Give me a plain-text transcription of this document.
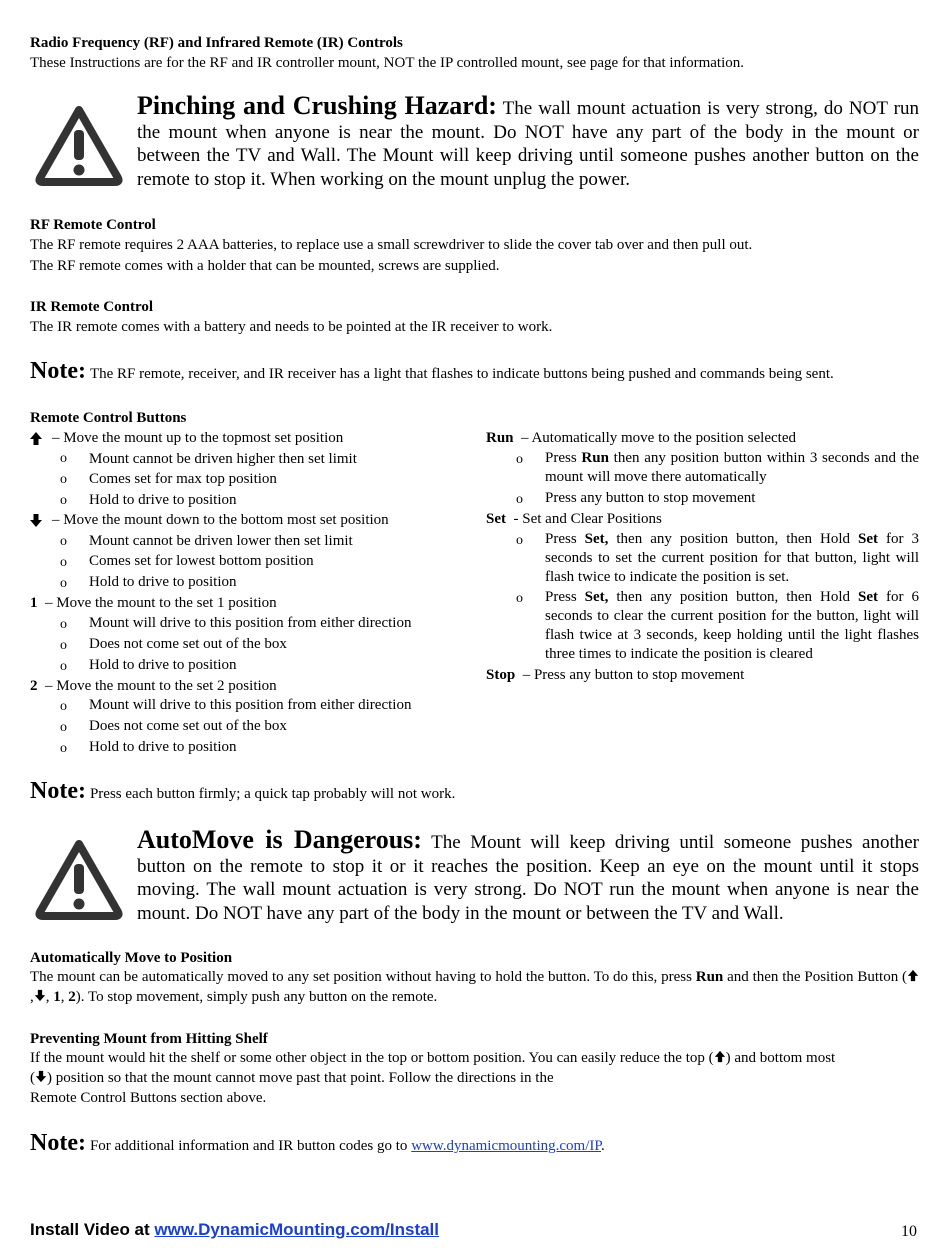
Radio Frequency (RF) and Infrared Remote (IR) Controls
These Instructions are for the RF and IR controller mount, NOT the IP controlled mount, see page for that information.
Pinching and Crushing Hazard: The wall mount actuation is very strong, do NOT run the mount when anyone is near the mount. Do NOT have any part of the body in the mount or between the TV and Wall. The Mount will keep driving until someone pushes another button on the remote to stop it. When working on the mount unplug the power.
RF Remote Control
The RF remote requires 2 AAA batteries, to replace use a small screwdriver to slide the cover tab over and then pull out.
The RF remote comes with a holder that can be mounted, screws are supplied.
IR Remote Control
The IR remote comes with a battery and needs to be pointed at the IR receiver to work.
Note: The RF remote, receiver, and IR receiver has a light that flashes to indicate buttons being pushed and commands being sent.
Remote Control Buttons
– Move the mount up to the topmost set position
o Mount cannot be driven higher then set limit
o Comes set for max top position
o Hold to drive to position
– Move the mount down to the bottom most set position
o Mount cannot be driven lower then set limit
o Comes set for lowest bottom position
o Hold to drive to position
1 – Move the mount to the set 1 position
o Mount will drive to this position from either direction
o Does not come set out of the box
o Hold to drive to position
2 – Move the mount to the set 2 position
o Mount will drive to this position from either direction
o Does not come set out of the box
o Hold to drive to position
Run – Automatically move to the position selected
o Press Run then any position button within 3 seconds and the mount will move there automatically
o Press any button to stop movement
Set - Set and Clear Positions
o Press Set, then any position button, then Hold Set for 3 seconds to set the current position for that button, light will flash twice to indicate the position is set.
o Press Set, then any position button, then Hold Set for 6 seconds to clear the current position for the button, light will flash twice at 3 seconds, keep holding until the light flashes three times to indicate the position is cleared
Stop – Press any button to stop movement
Note: Press each button firmly; a quick tap probably will not work.
AutoMove is Dangerous: The Mount will keep driving until someone pushes another button on the remote to stop it or it reaches the position. Keep an eye on the mount until it stops moving. The wall mount actuation is very strong. Do NOT run the mount when anyone is near the mount. Do NOT have any part of the body in the mount or between the TV and Wall.
Automatically Move to Position
The mount can be automatically moved to any set position without having to hold the button. To do this, press Run and then the Position Button (, , 1, 2). To stop movement, simply push any button on the remote.
Preventing Mount from Hitting Shelf
If the mount would hit the shelf or some other object in the top or bottom position. You can easily reduce the top ( ) and bottom most
( ) position so that the mount cannot move past that point. Follow the directions in the
Remote Control Buttons section above.
Note: For additional information and IR button codes go to www.dynamicmounting.com/IP.
Install Video at www.DynamicMounting.com/Install	10
